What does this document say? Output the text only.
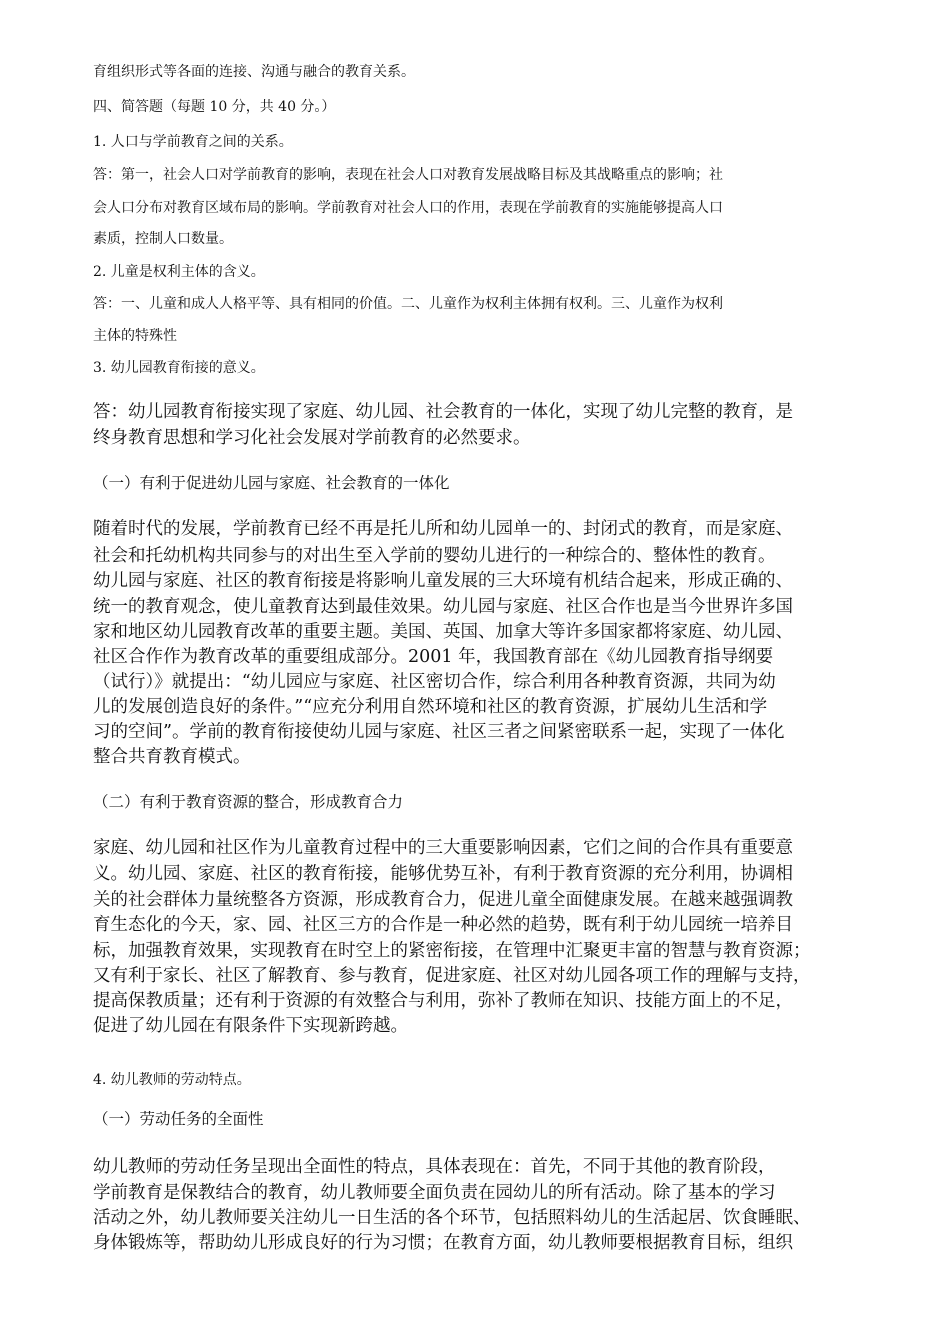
育组织形式等各面的连接、沟通与融合的教育关系。

四、简答题（每题 10 分，共 40 分。）

1. 人口与学前教育之间的关系。

答：第一，社会人口对学前教育的影响，表现在社会人口对教育发展战略目标及其战略重点的影响；社

会人口分布对教育区域布局的影响。学前教育对社会人口的作用，表现在学前教育的实施能够提高人口

素质，控制人口数量。

2. 儿童是权利主体的含义。

答：一、儿童和成人人格平等、具有相同的价值。二、儿童作为权利主体拥有权利。三、儿童作为权利

主体的特殊性

3. 幼儿园教育衔接的意义。

答：幼儿园教育衔接实现了家庭、幼儿园、社会教育的一体化，实现了幼儿完整的教育，是

终身教育思想和学习化社会发展对学前教育的必然要求。

（一）有利于促进幼儿园与家庭、社会教育的一体化

随着时代的发展，学前教育已经不再是托儿所和幼儿园单一的、封闭式的教育，而是家庭、

社会和托幼机构共同参与的对出生至入学前的婴幼儿进行的一种综合的、整体性的教育。

幼儿园与家庭、社区的教育衔接是将影响儿童发展的三大环境有机结合起来，形成正确的、

统一的教育观念，使儿童教育达到最佳效果。幼儿园与家庭、社区合作也是当今世界许多国

家和地区幼儿园教育改革的重要主题。美国、英国、加拿大等许多国家都将家庭、幼儿园、

社区合作作为教育改革的重要组成部分。2001 年，我国教育部在《幼儿园教育指导纲要

（试行）》就提出：“幼儿园应与家庭、社区密切合作，综合利用各种教育资源，共同为幼

儿的发展创造良好的条件。”“应充分利用自然环境和社区的教育资源，扩展幼儿生活和学

习的空间”。学前的教育衔接使幼儿园与家庭、社区三者之间紧密联系一起，实现了一体化

整合共育教育模式。

（二）有利于教育资源的整合，形成教育合力

家庭、幼儿园和社区作为儿童教育过程中的三大重要影响因素，它们之间的合作具有重要意

义。幼儿园、家庭、社区的教育衔接，能够优势互补，有利于教育资源的充分利用，协调相

关的社会群体力量统整各方资源，形成教育合力，促进儿童全面健康发展。在越来越强调教

育生态化的今天，家、园、社区三方的合作是一种必然的趋势，既有利于幼儿园统一培养目

标，加强教育效果，实现教育在时空上的紧密衔接，在管理中汇聚更丰富的智慧与教育资源；

又有利于家长、社区了解教育、参与教育，促进家庭、社区对幼儿园各项工作的理解与支持，

提高保教质量；还有利于资源的有效整合与利用，弥补了教师在知识、技能方面上的不足，

促进了幼儿园在有限条件下实现新跨越。

4. 幼儿教师的劳动特点。

（一）劳动任务的全面性

幼儿教师的劳动任务呈现出全面性的特点，具体表现在：首先，不同于其他的教育阶段，

学前教育是保教结合的教育，幼儿教师要全面负责在园幼儿的所有活动。除了基本的学习

活动之外，幼儿教师要关注幼儿一日生活的各个环节，包括照料幼儿的生活起居、饮食睡眠、

身体锻炼等，帮助幼儿形成良好的行为习惯；在教育方面，幼儿教师要根据教育目标，组织
